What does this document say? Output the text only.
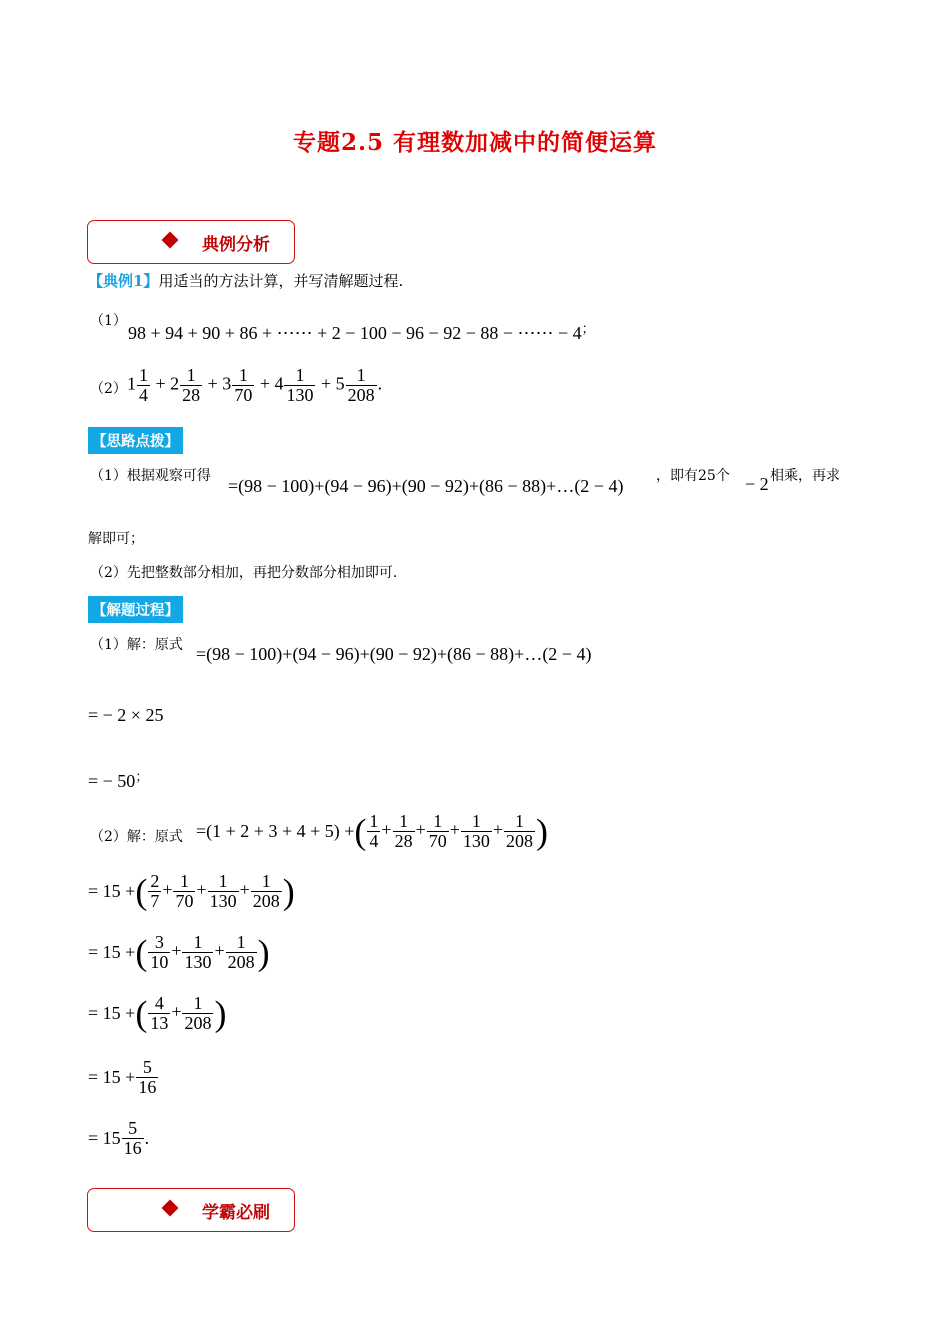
专题2.5 有理数加减中的简便运算
典例分析
【典例1】用适当的方法计算，并写清解题过程.
（1）
98 + 94 + 90 + 86 + ⋯⋯ + 2 − 100 − 96 − 92 − 88 − ⋯⋯ − 4；
（2） $1 \frac{1}{4} + 2 \frac{1}{28} + 3 \frac{1}{70} + 4 \frac{1}{130} + 5 \frac{1}{208}$ .
【思路点拨】
（1）根据观察可得 =(98 − 100)+(94 − 96)+(90 − 92)+(86 − 88)+…(2 − 4) ，即有25个 − 2 相乘，再求
解即可；
（2）先把整数部分相加，再把分数部分相加即可.
【解题过程】
（1）解：原式 =(98 − 100)+(94 − 96)+(90 − 92)+(86 − 88)+…(2 − 4)
= − 2 × 25
= − 50；
（2）解：原式 =(1 + 2 + 3 + 4 + 5) +( $\frac{1}{4} + \frac{1}{28} + \frac{1}{70} + \frac{1}{130} + \frac{1}{208}$ )
= 15 +( $\frac{2}{7} + \frac{1}{70} + \frac{1}{130} + \frac{1}{208}$ )
= 15 +( $\frac{3}{10} + \frac{1}{130} + \frac{1}{208}$ )
= 15 +( $\frac{4}{13} + \frac{1}{208}$ )
= $15 + \frac{5}{16}$
= $15 \frac{5}{16}$ .
学霸必刷
